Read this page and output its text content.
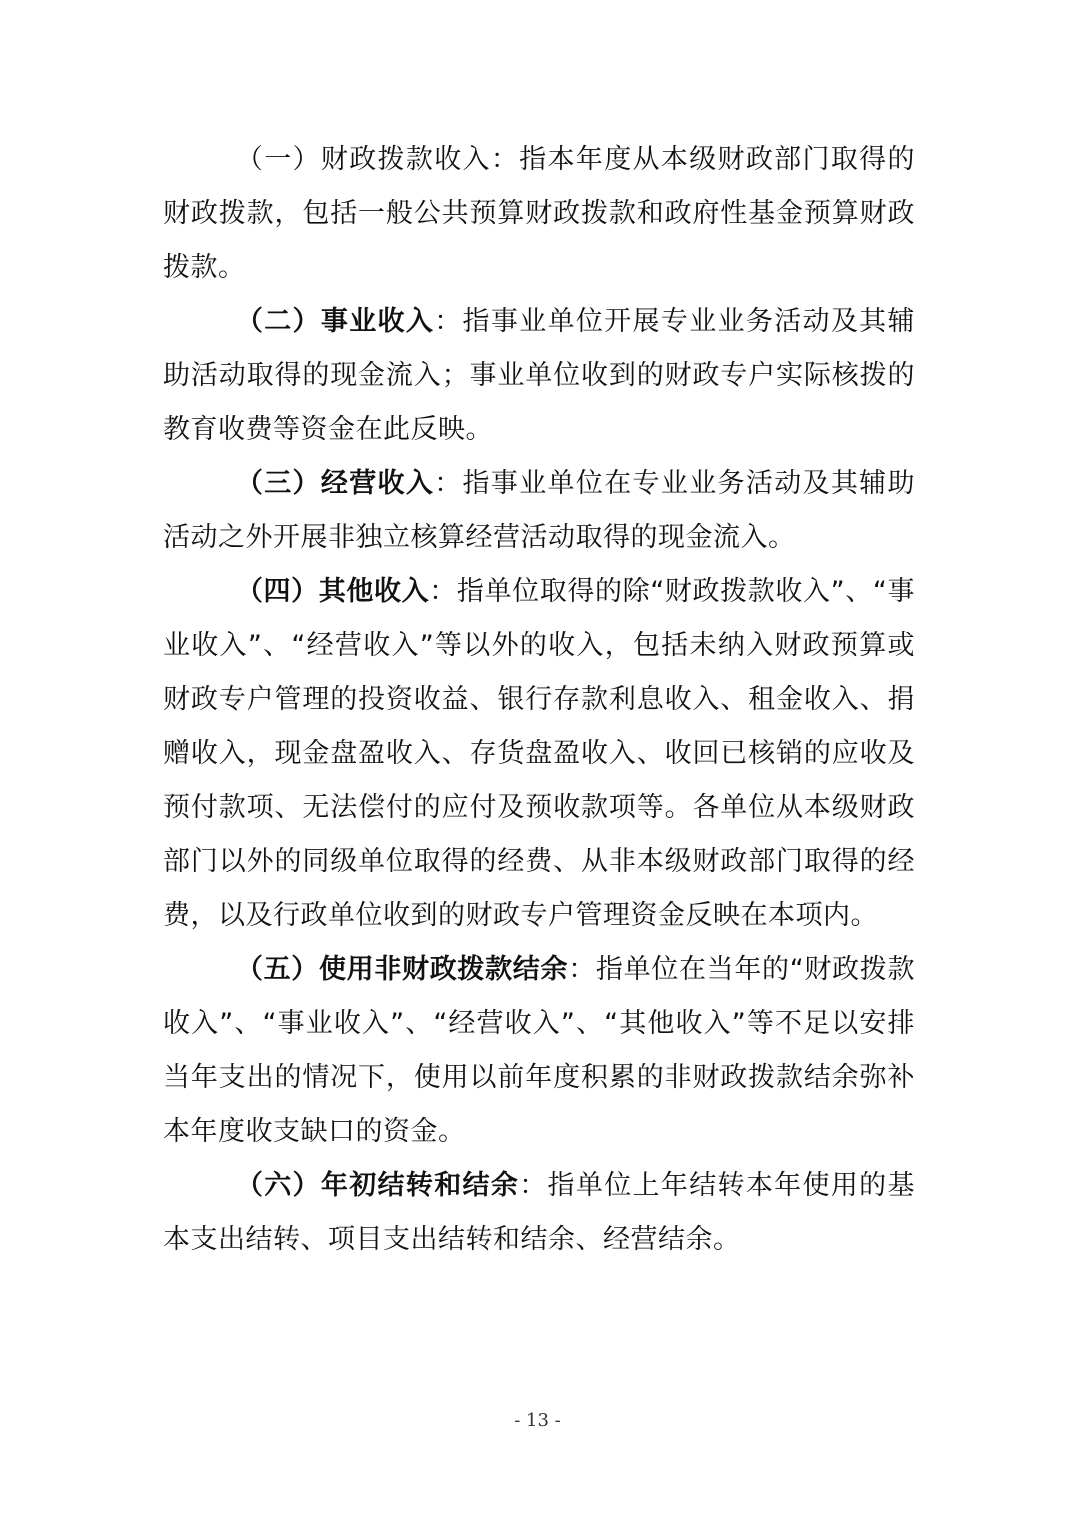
（一）财政拨款收入：指本年度从本级财政部门取得的财政拨款，包括一般公共预算财政拨款和政府性基金预算财政拨款。

（二）事业收入：指事业单位开展专业业务活动及其辅助活动取得的现金流入；事业单位收到的财政专户实际核拨的教育收费等资金在此反映。

（三）经营收入：指事业单位在专业业务活动及其辅助活动之外开展非独立核算经营活动取得的现金流入。

（四）其他收入：指单位取得的除“财政拨款收入”、“事业收入”、“经营收入”等以外的收入，包括未纳入财政预算或财政专户管理的投资收益、银行存款利息收入、租金收入、捐赠收入，现金盘盈收入、存货盘盈收入、收回已核销的应收及预付款项、无法偿付的应付及预收款项等。各单位从本级财政部门以外的同级单位取得的经费、从非本级财政部门取得的经费，以及行政单位收到的财政专户管理资金反映在本项内。

（五）使用非财政拨款结余：指单位在当年的“财政拨款收入”、“事业收入”、“经营收入”、“其他收入”等不足以安排当年支出的情况下，使用以前年度积累的非财政拨款结余弥补本年度收支缺口的资金。

（六）年初结转和结余：指单位上年结转本年使用的基本支出结转、项目支出结转和结余、经营结余。

- 13 -
